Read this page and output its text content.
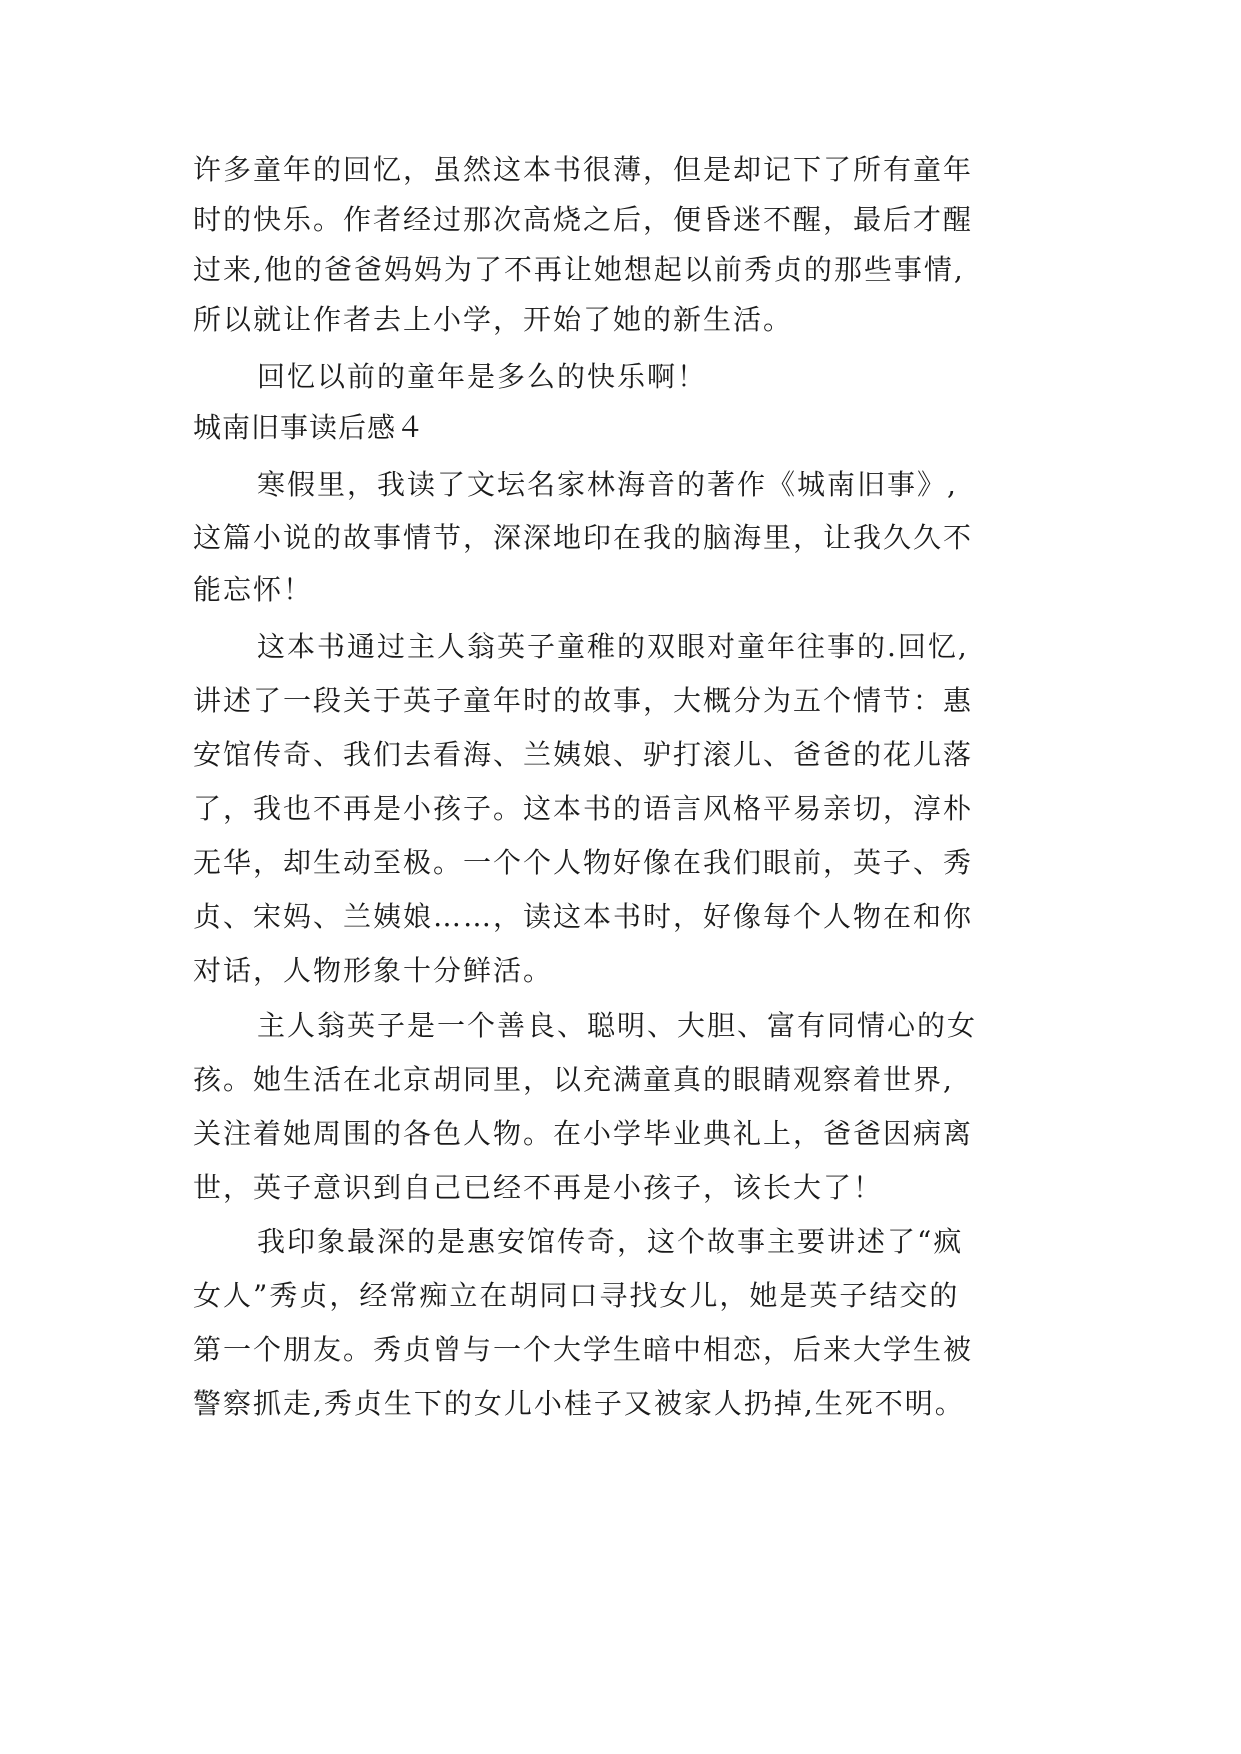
许多童年的回忆，虽然这本书很薄，但是却记下了所有童年
时的快乐。作者经过那次高烧之后，便昏迷不醒，最后才醒
过来,他的爸爸妈妈为了不再让她想起以前秀贞的那些事情,
所以就让作者去上小学，开始了她的新生活。
回忆以前的童年是多么的快乐啊！
城南旧事读后感４
寒假里，我读了文坛名家林海音的著作《城南旧事》,
这篇小说的故事情节，深深地印在我的脑海里，让我久久不
能忘怀！
这本书通过主人翁英子童稚的双眼对童年往事的.回忆,
讲述了一段关于英子童年时的故事，大概分为五个情节：惠
安馆传奇、我们去看海、兰姨娘、驴打滚儿、爸爸的花儿落
了，我也不再是小孩子。这本书的语言风格平易亲切，淳朴
无华，却生动至极。一个个人物好像在我们眼前，英子、秀
贞、宋妈、兰姨娘……，读这本书时，好像每个人物在和你
对话，人物形象十分鲜活。
主人翁英子是一个善良、聪明、大胆、富有同情心的女
孩。她生活在北京胡同里，以充满童真的眼睛观察着世界,
关注着她周围的各色人物。在小学毕业典礼上，爸爸因病离
世，英子意识到自己已经不再是小孩子，该长大了！
我印象最深的是惠安馆传奇，这个故事主要讲述了“疯
女人”秀贞，经常痴立在胡同口寻找女儿，她是英子结交的
第一个朋友。秀贞曾与一个大学生暗中相恋，后来大学生被
警察抓走,秀贞生下的女儿小桂子又被家人扔掉,生死不明。
